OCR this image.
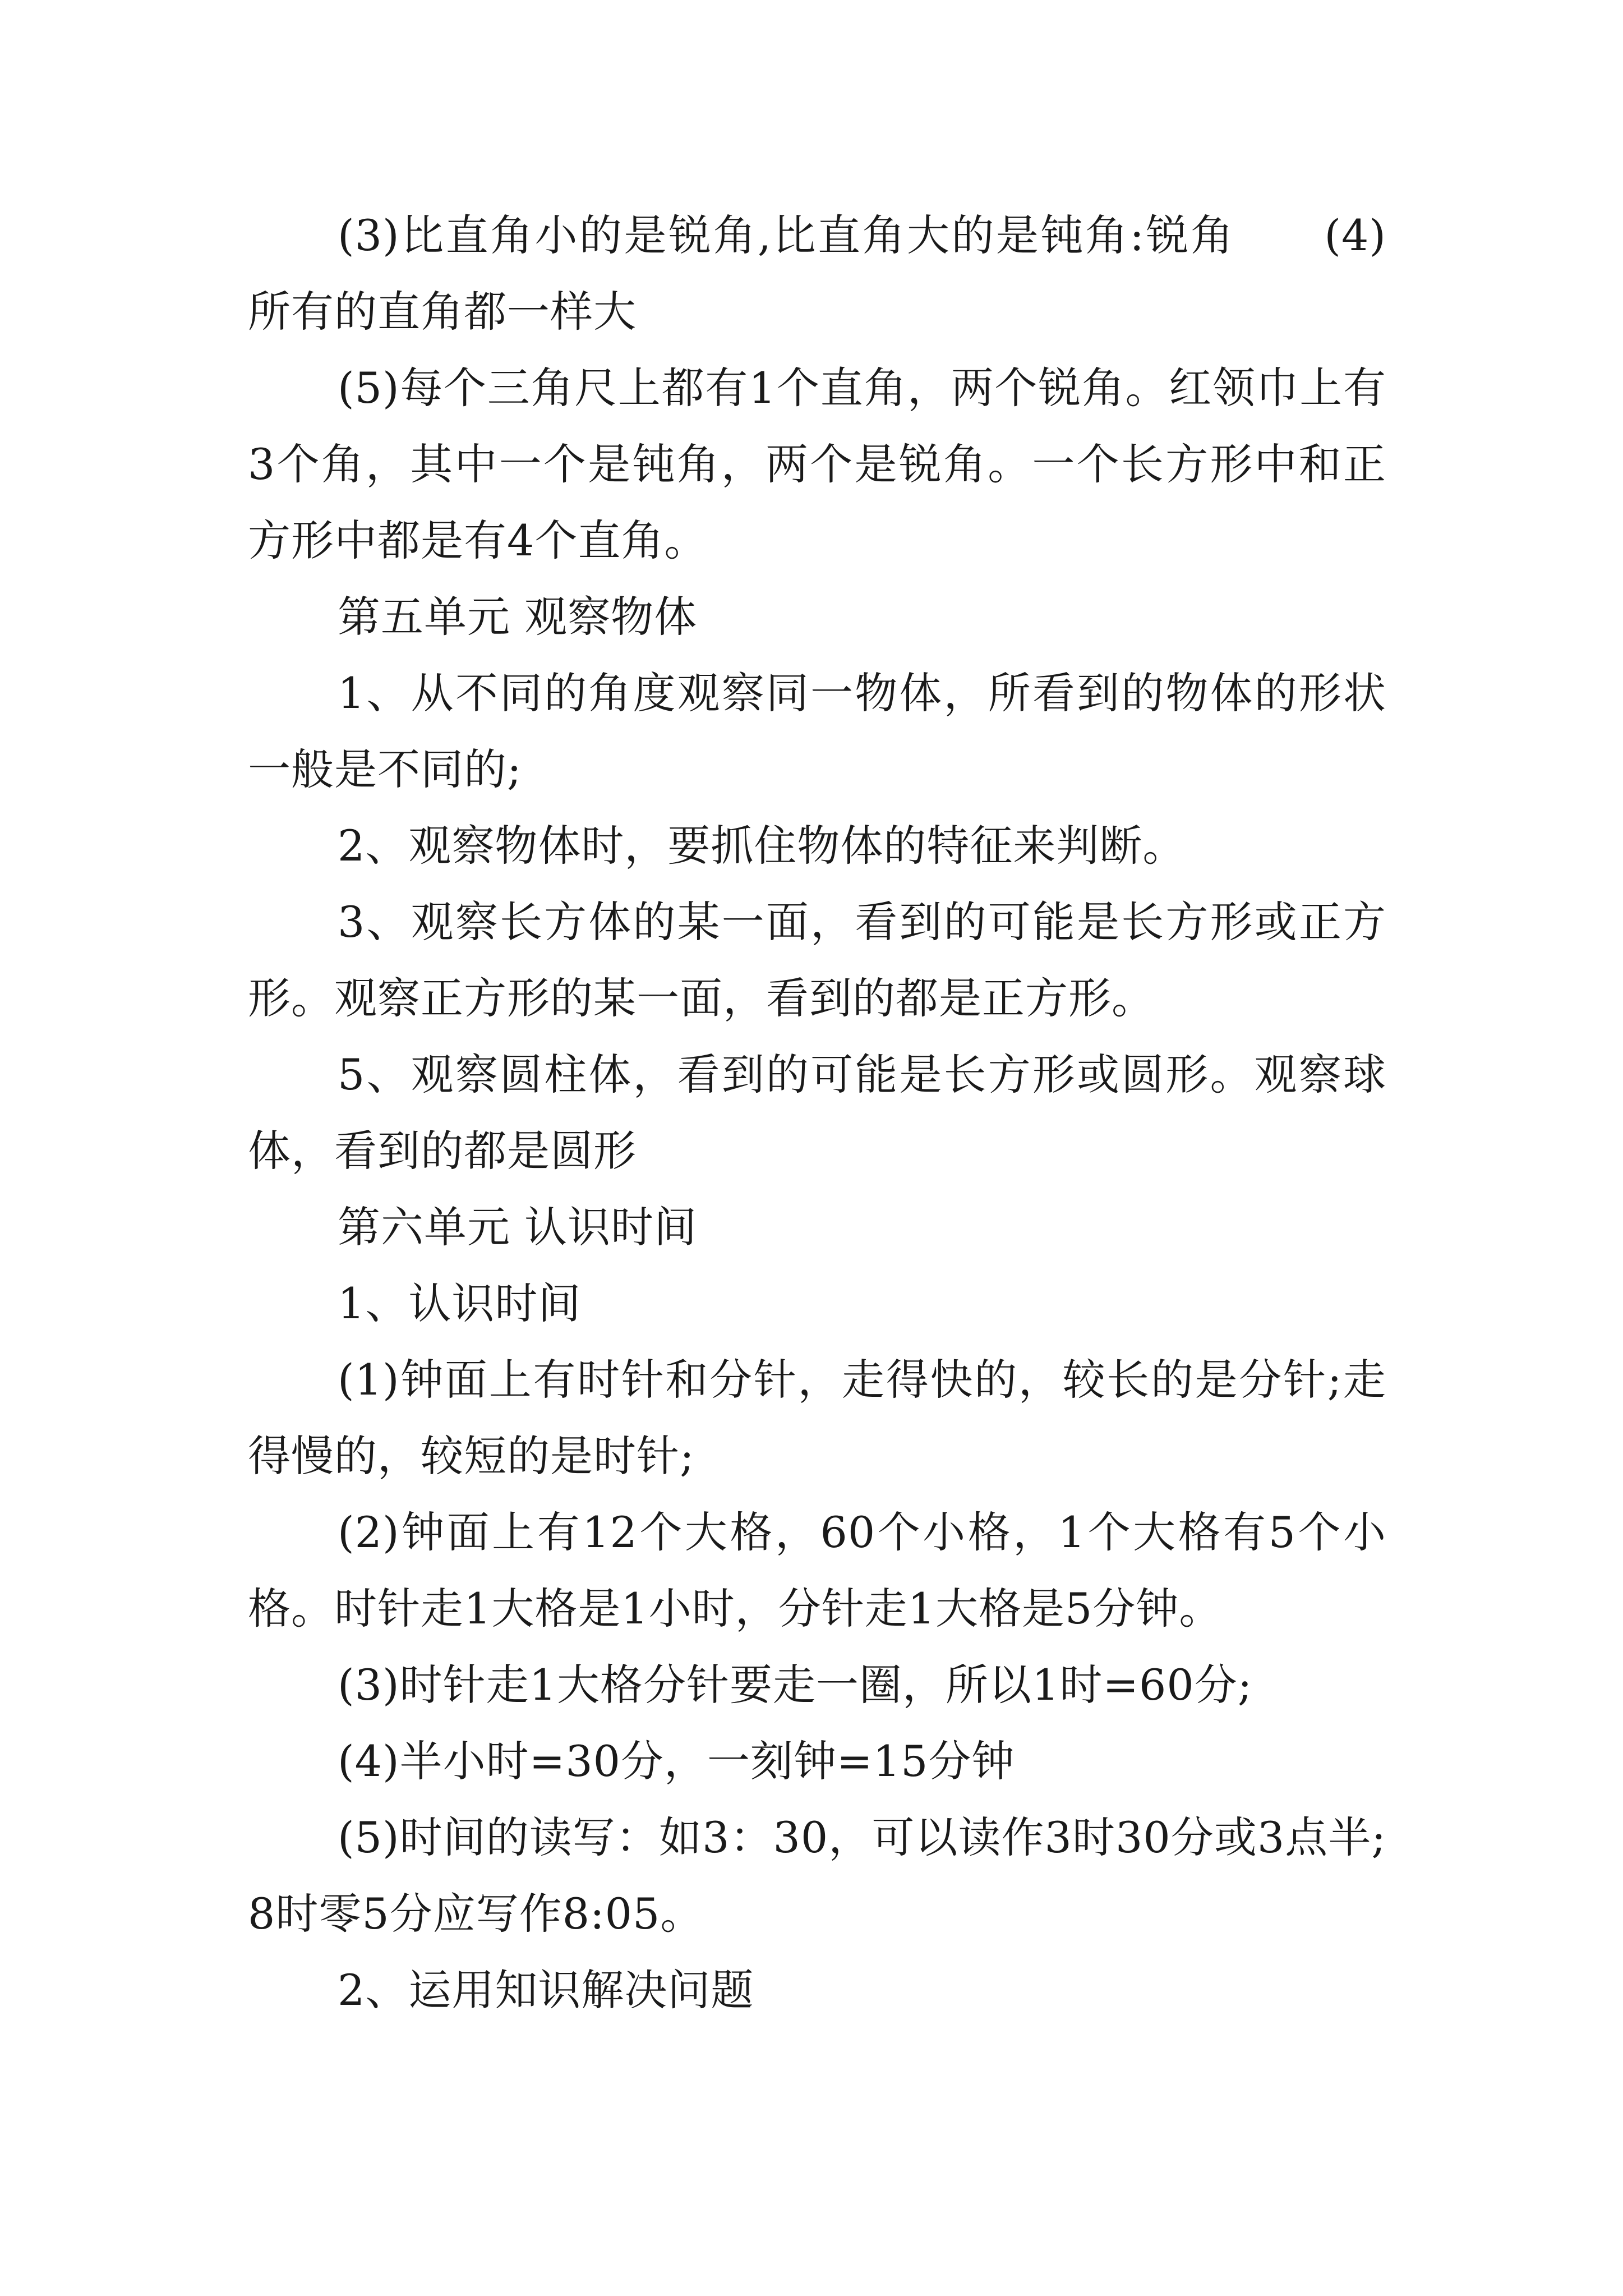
(3)比直角小的是锐角,比直角大的是钝角:锐角　　(4)所有的直角都一样大

(5)每个三角尺上都有1个直角，两个锐角。红领巾上有3个角，其中一个是钝角，两个是锐角。一个长方形中和正方形中都是有4个直角。

第五单元 观察物体

1、从不同的角度观察同一物体，所看到的物体的形状一般是不同的;

2、观察物体时，要抓住物体的特征来判断。

3、观察长方体的某一面，看到的可能是长方形或正方形。观察正方形的某一面，看到的都是正方形。

5、观察圆柱体，看到的可能是长方形或圆形。观察球体，看到的都是圆形

第六单元 认识时间

1、认识时间

(1)钟面上有时针和分针，走得快的，较长的是分针;走得慢的，较短的是时针;

(2)钟面上有12个大格，60个小格，1个大格有5个小格。时针走1大格是1小时，分针走1大格是5分钟。

(3)时针走1大格分针要走一圈，所以1时=60分;

(4)半小时=30分，一刻钟=15分钟

(5)时间的读写：如3：30，可以读作3时30分或3点半;8时零5分应写作8:05。

2、运用知识解决问题
